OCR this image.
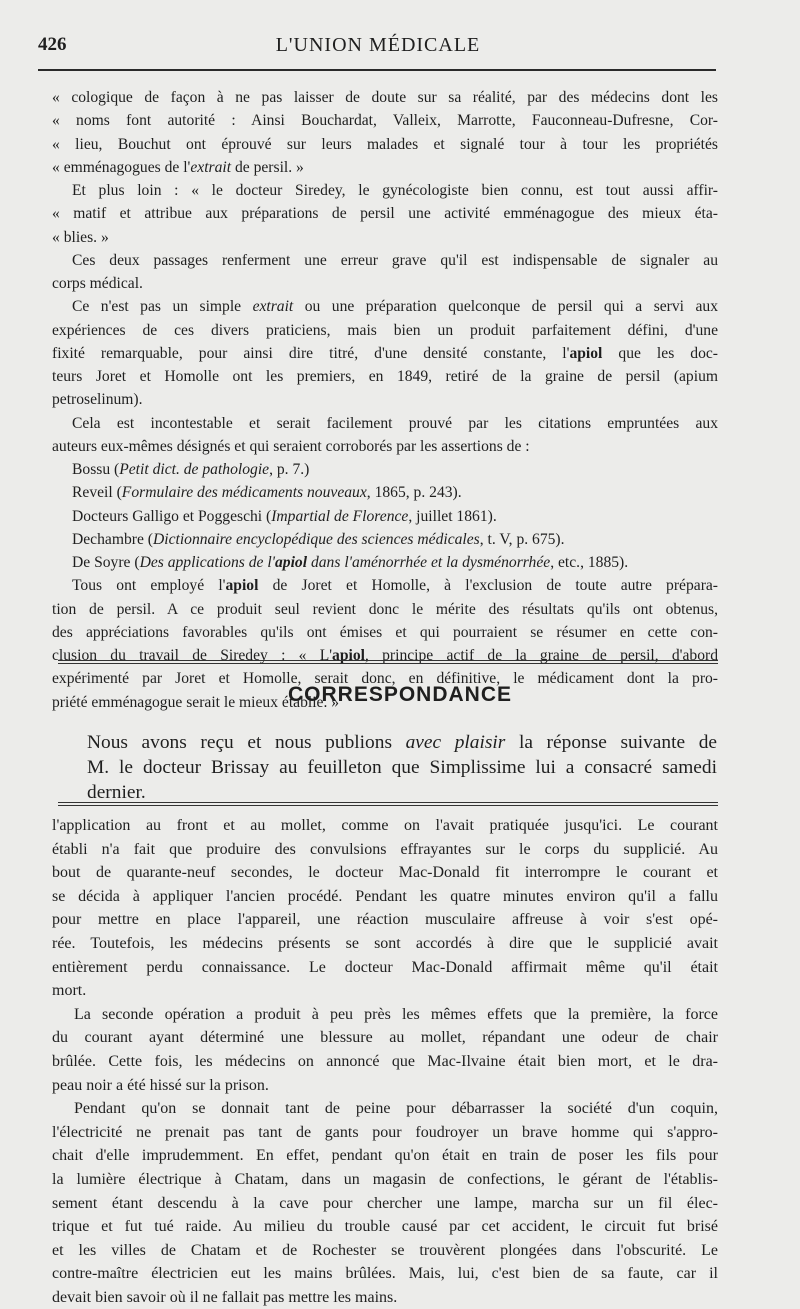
426	L'UNION MÉDICALE
« cologique de façon à ne pas laisser de doute sur sa réalité, par des médecins dont les
« noms font autorité : Ainsi Bouchardat, Valleix, Marrotte, Fauconneau-Dufresne, Cor-
« lieu, Bouchut ont éprouvé sur leurs malades et signalé tour à tour les propriétés
« emménagogues de l'extrait de persil. »
Et plus loin : « le docteur Siredey, le gynécologiste bien connu, est tout aussi affir-
« matif et attribue aux préparations de persil une activité emménagogue des mieux éta-
« blies. »
Ces deux passages renferment une erreur grave qu'il est indispensable de signaler au
corps médical.
Ce n'est pas un simple extrait ou une préparation quelconque de persil qui a servi aux
expériences de ces divers praticiens, mais bien un produit parfaitement défini, d'une
fixité remarquable, pour ainsi dire titré, d'une densité constante, l'apiol que les doc-
teurs Joret et Homolle ont les premiers, en 1849, retiré de la graine de persil (apium
petroselinum).
Cela est incontestable et serait facilement prouvé par les citations empruntées aux
auteurs eux-mêmes désignés et qui seraient corroborés par les assertions de :
Bossu (Petit dict. de pathologie, p. 7.)
Reveil (Formulaire des médicaments nouveaux, 1865, p. 243).
Docteurs Galligo et Poggeschi (Impartial de Florence, juillet 1861).
Dechambre (Dictionnaire encyclopédique des sciences médicales, t. V, p. 675).
De Soyre (Des applications de l'apiol dans l'aménorrhée et la dysménorrhée, etc., 1885).
Tous ont employé l'apiol de Joret et Homolle, à l'exclusion de toute autre prépara-
tion de persil. A ce produit seul revient donc le mérite des résultats qu'ils ont obtenus,
des appréciations favorables qu'ils ont émises et qui pourraient se résumer en cette con-
clusion du travail de Siredey : « L'apiol, principe actif de la graine de persil, d'abord
expérimenté par Joret et Homolle, serait donc, en définitive, le médicament dont la pro-
priété emménagogue serait le mieux établie. »
CORRESPONDANCE
Nous avons reçu et nous publions avec plaisir la réponse suivante de
M. le docteur Brissay au feuilleton que Simplissime lui a consacré samedi
dernier.
l'application au front et au mollet, comme on l'avait pratiquée jusqu'ici. Le courant
établi n'a fait que produire des convulsions effrayantes sur le corps du supplicié. Au
bout de quarante-neuf secondes, le docteur Mac-Donald fit interrompre le courant et
se décida à appliquer l'ancien procédé. Pendant les quatre minutes environ qu'il a fallu
pour mettre en place l'appareil, une réaction musculaire affreuse à voir s'est opé-
rée. Toutefois, les médecins présents se sont accordés à dire que le supplicié avait
entièrement perdu connaissance. Le docteur Mac-Donald affirmait même qu'il était
mort.
La seconde opération a produit à peu près les mêmes effets que la première, la force
du courant ayant déterminé une blessure au mollet, répandant une odeur de chair
brûlée. Cette fois, les médecins on annoncé que Mac-Ilvaine était bien mort, et le dra-
peau noir a été hissé sur la prison.
Pendant qu'on se donnait tant de peine pour débarrasser la société d'un coquin,
l'électricité ne prenait pas tant de gants pour foudroyer un brave homme qui s'appro-
chait d'elle imprudemment. En effet, pendant qu'on était en train de poser les fils pour
la lumière électrique à Chatam, dans un magasin de confections, le gérant de l'établis-
sement étant descendu à la cave pour chercher une lampe, marcha sur un fil élec-
trique et fut tué raide. Au milieu du trouble causé par cet accident, le circuit fut brisé
et les villes de Chatam et de Rochester se trouvèrent plongées dans l'obscurité. Le
contre-maître électricien eut les mains brûlées. Mais, lui, c'est bien de sa faute, car il
devait bien savoir où il ne fallait pas mettre les mains.
